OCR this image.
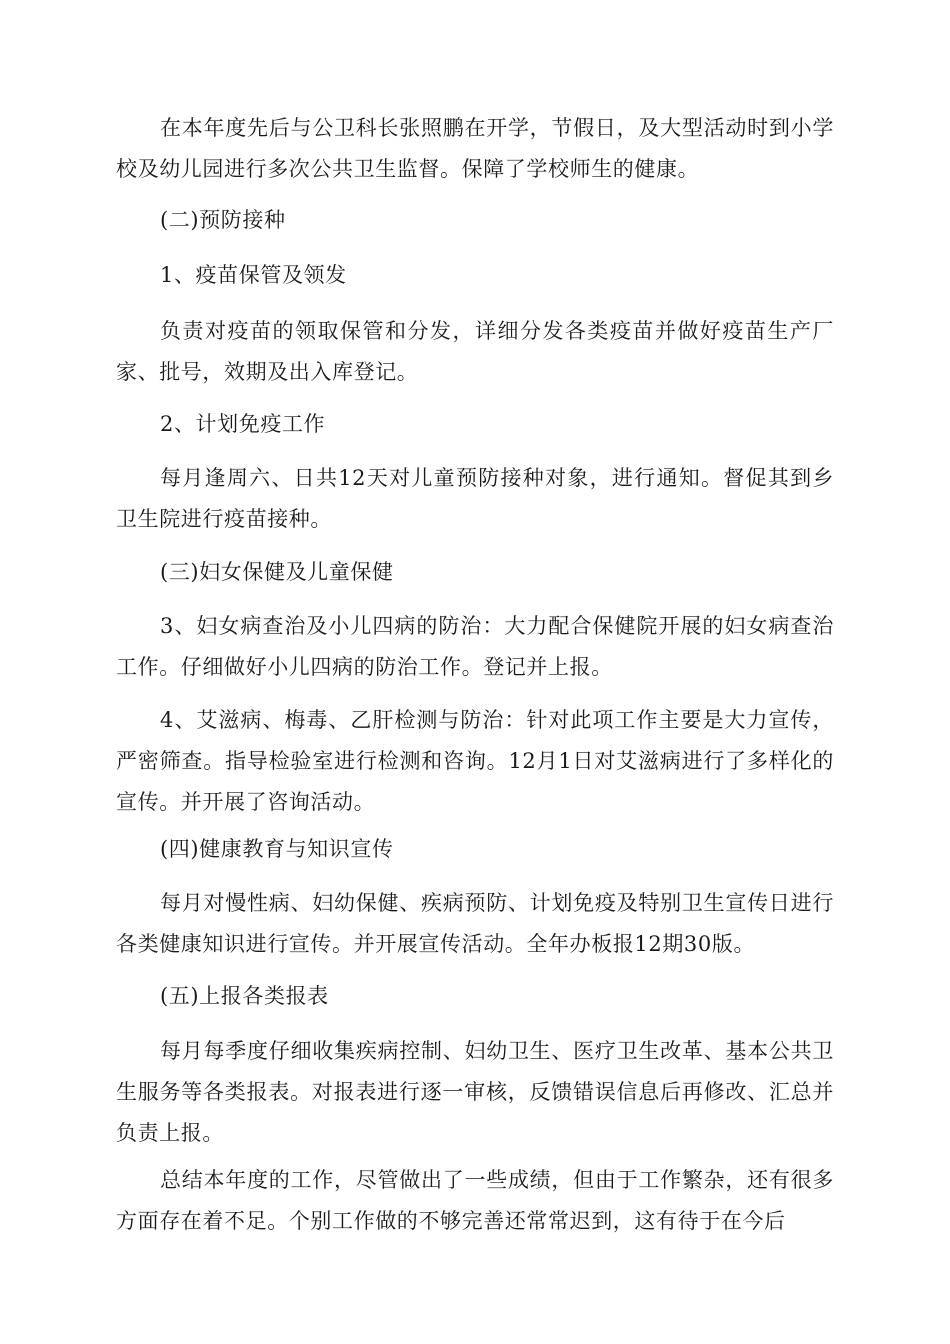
在本年度先后与公卫科长张照鹏在开学，节假日，及大型活动时到小学校及幼儿园进行多次公共卫生监督。保障了学校师生的健康。

(二)预防接种

1、疫苗保管及领发

负责对疫苗的领取保管和分发，详细分发各类疫苗并做好疫苗生产厂家、批号，效期及出入库登记。

2、计划免疫工作

每月逢周六、日共12天对儿童预防接种对象，进行通知。督促其到乡卫生院进行疫苗接种。

(三)妇女保健及儿童保健

3、妇女病查治及小儿四病的防治：大力配合保健院开展的妇女病查治工作。仔细做好小儿四病的防治工作。登记并上报。

4、艾滋病、梅毒、乙肝检测与防治：针对此项工作主要是大力宣传，严密筛查。指导检验室进行检测和咨询。12月1日对艾滋病进行了多样化的宣传。并开展了咨询活动。

(四)健康教育与知识宣传

每月对慢性病、妇幼保健、疾病预防、计划免疫及特别卫生宣传日进行各类健康知识进行宣传。并开展宣传活动。全年办板报12期30版。

(五)上报各类报表

每月每季度仔细收集疾病控制、妇幼卫生、医疗卫生改革、基本公共卫生服务等各类报表。对报表进行逐一审核，反馈错误信息后再修改、汇总并负责上报。

总结本年度的工作，尽管做出了一些成绩，但由于工作繁杂，还有很多方面存在着不足。个别工作做的不够完善还常常迟到，这有待于在今后
